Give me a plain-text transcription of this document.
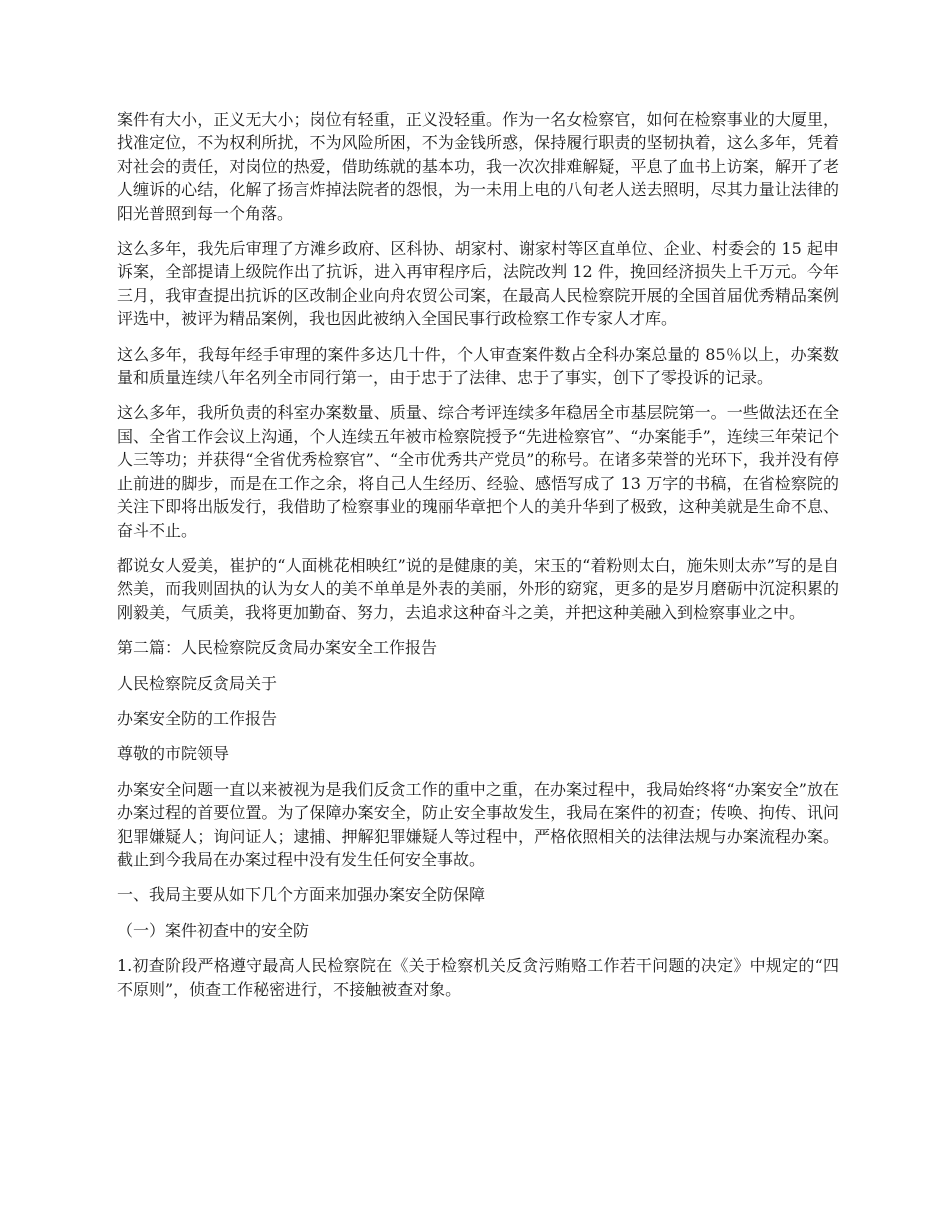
案件有大小，正义无大小；岗位有轻重，正义没轻重。作为一名女检察官，如何在检察事业的大厦里，找准定位，不为权利所扰，不为风险所困，不为金钱所惑，保持履行职责的坚韧执着，这么多年，凭着对社会的责任，对岗位的热爱，借助练就的基本功，我一次次排难解疑，平息了血书上访案，解开了老人缠诉的心结，化解了扬言炸掉法院者的怨恨，为一未用上电的八旬老人送去照明，尽其力量让法律的阳光普照到每一个角落。

这么多年，我先后审理了方滩乡政府、区科协、胡家村、谢家村等区直单位、企业、村委会的 15 起申诉案，全部提请上级院作出了抗诉，进入再审程序后，法院改判 12 件，挽回经济损失上千万元。今年三月，我审查提出抗诉的区改制企业向舟农贸公司案，在最高人民检察院开展的全国首届优秀精品案例评选中，被评为精品案例，我也因此被纳入全国民事行政检察工作专家人才库。

这么多年，我每年经手审理的案件多达几十件，个人审查案件数占全科办案总量的 85％以上，办案数量和质量连续八年名列全市同行第一，由于忠于了法律、忠于了事实，创下了零投诉的记录。

这么多年，我所负责的科室办案数量、质量、综合考评连续多年稳居全市基层院第一。一些做法还在全国、全省工作会议上沟通，个人连续五年被市检察院授予“先进检察官”、“办案能手”，连续三年荣记个人三等功；并获得“全省优秀检察官”、“全市优秀共产党员”的称号。在诸多荣誉的光环下，我并没有停止前进的脚步，而是在工作之余，将自己人生经历、经验、感悟写成了 13 万字的书稿，在省检察院的关注下即将出版发行，我借助了检察事业的瑰丽华章把个人的美升华到了极致，这种美就是生命不息、奋斗不止。

都说女人爱美，崔护的“人面桃花相映红”说的是健康的美，宋玉的“着粉则太白，施朱则太赤”写的是自然美，而我则固执的认为女人的美不单单是外表的美丽，外形的窈窕，更多的是岁月磨砺中沉淀积累的刚毅美，气质美，我将更加勤奋、努力，去追求这种奋斗之美，并把这种美融入到检察事业之中。

第二篇：人民检察院反贪局办案安全工作报告

人民检察院反贪局关于

办案安全防的工作报告

尊敬的市院领导

办案安全问题一直以来被视为是我们反贪工作的重中之重，在办案过程中，我局始终将“办案安全”放在办案过程的首要位置。为了保障办案安全，防止安全事故发生，我局在案件的初查；传唤、拘传、讯问犯罪嫌疑人；询问证人；逮捕、押解犯罪嫌疑人等过程中，严格依照相关的法律法规与办案流程办案。截止到今我局在办案过程中没有发生任何安全事故。

一、我局主要从如下几个方面来加强办案安全防保障

（一）案件初查中的安全防

1.初查阶段严格遵守最高人民检察院在《关于检察机关反贪污贿赂工作若干问题的决定》中规定的“四不原则”，侦查工作秘密进行，不接触被查对象。
